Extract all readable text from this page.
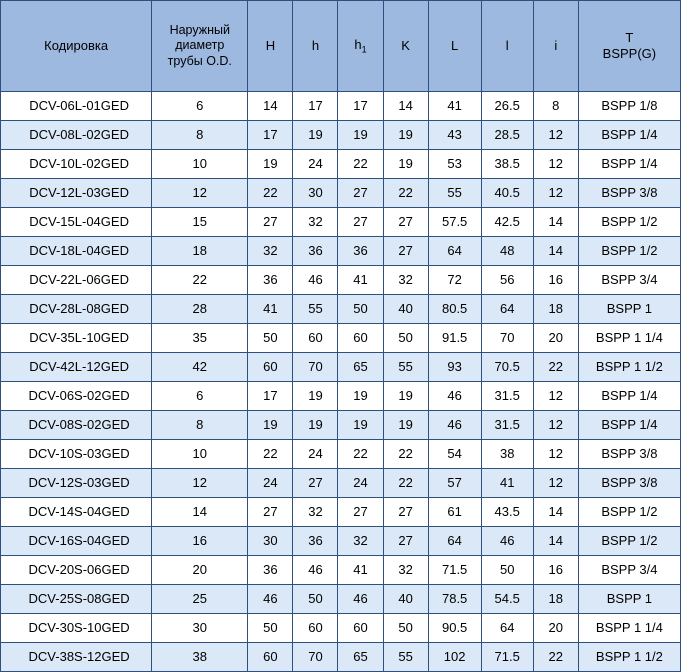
Кодировка	Наружный
диаметр
трубы O.D.	H	h	$h_1$	K	L	l	i	T
BSPP(G)

DCV-06L-01GED	6	14	17	17	14	41	26.5	8	BSPP 1/8
DCV-08L-02GED	8	17	19	19	19	43	28.5	12	BSPP 1/4
DCV-10L-02GED	10	19	24	22	19	53	38.5	12	BSPP 1/4
DCV-12L-03GED	12	22	30	27	22	55	40.5	12	BSPP 3/8
DCV-15L-04GED	15	27	32	27	27	57.5	42.5	14	BSPP 1/2
DCV-18L-04GED	18	32	36	36	27	64	48	14	BSPP 1/2
DCV-22L-06GED	22	36	46	41	32	72	56	16	BSPP 3/4
DCV-28L-08GED	28	41	55	50	40	80.5	64	18	BSPP 1
DCV-35L-10GED	35	50	60	60	50	91.5	70	20	BSPP 1 1/4
DCV-42L-12GED	42	60	70	65	55	93	70.5	22	BSPP 1 1/2
DCV-06S-02GED	6	17	19	19	19	46	31.5	12	BSPP 1/4
DCV-08S-02GED	8	19	19	19	19	46	31.5	12	BSPP 1/4
DCV-10S-03GED	10	22	24	22	22	54	38	12	BSPP 3/8
DCV-12S-03GED	12	24	27	24	22	57	41	12	BSPP 3/8
DCV-14S-04GED	14	27	32	27	27	61	43.5	14	BSPP 1/2
DCV-16S-04GED	16	30	36	32	27	64	46	14	BSPP 1/2
DCV-20S-06GED	20	36	46	41	32	71.5	50	16	BSPP 3/4
DCV-25S-08GED	25	46	50	46	40	78.5	54.5	18	BSPP 1
DCV-30S-10GED	30	50	60	60	50	90.5	64	20	BSPP 1 1/4
DCV-38S-12GED	38	60	70	65	55	102	71.5	22	BSPP 1 1/2
